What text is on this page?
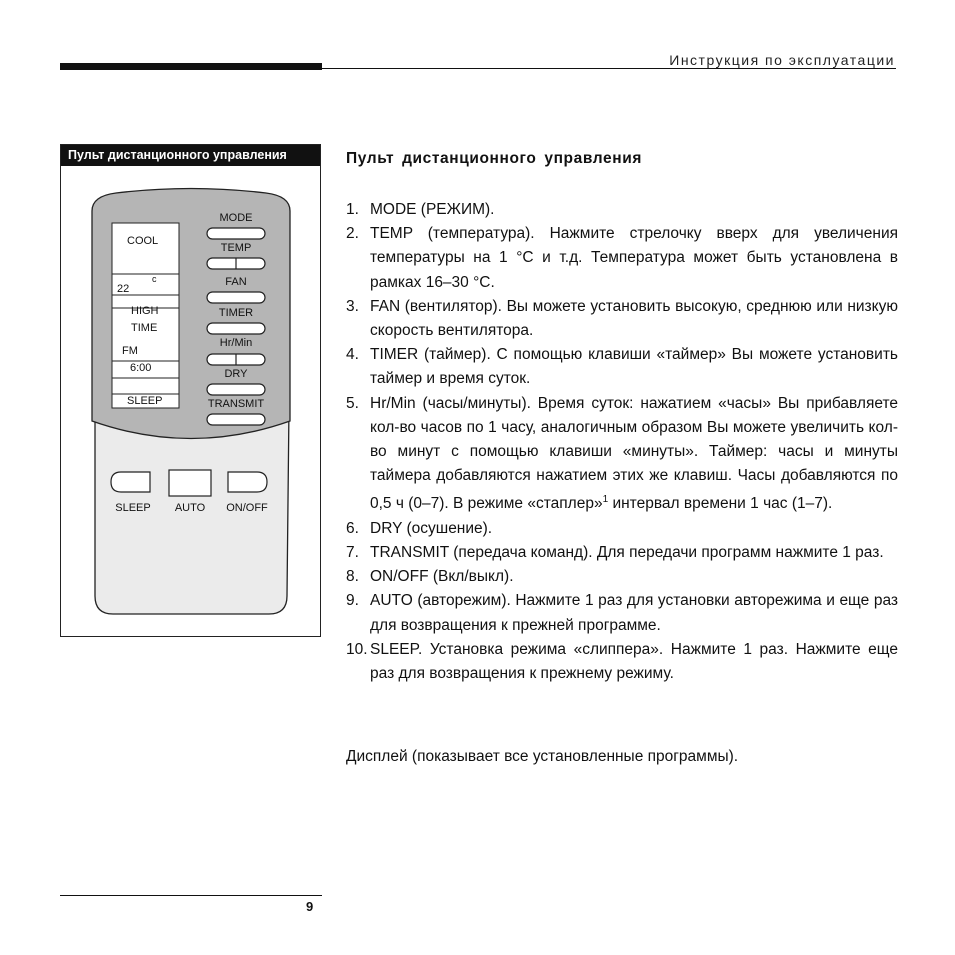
Инструкция по эксплуатации
Пульт дистанционного управления
COOL
22
c
HIGH
TIME
FM
6:00
SLEEP
MODE
TEMP
FAN
TIMER
Hr/Min
DRY
TRANSMIT
SLEEP AUTO ON/OFF
Пульт дистанционного управления
1. MODE (РЕЖИМ).
2. TEMP (температура). Нажмите стрелочку вверх для увеличения температуры на 1 °C и т.д. Температура может быть установлена в рамках 16–30 °C.
3. FAN (вентилятор). Вы можете установить высокую, среднюю или низкую скорость вентилятора.
4. TIMER (таймер). С помощью клавиши «таймер» Вы можете установить таймер и время суток.
5. Hr/Min (часы/минуты). Время суток: нажатием «часы» Вы прибавляете кол-во часов по 1 часу, аналогичным образом Вы можете увеличить кол-во минут с помощью клавиши «минуты». Таймер: часы и минуты таймера добавляются нажатием этих же клавиш. Часы добавляются по 0,5 ч (0–7). В режиме «стаплер»$^1$ интервал времени 1 час (1–7).
6. DRY (осушение).
7. TRANSMIT (передача команд). Для передачи программ нажмите 1 раз.
8. ON/OFF (Вкл/выкл).
9. AUTO (авторежим). Нажмите 1 раз для установки авторежима и еще раз для возвращения к прежней программе.
10. SLEEP. Установка режима «слиппера». Нажмите 1 раз. Нажмите еще раз для возвращения к прежнему режиму.
Дисплей (показывает все установленные программы).
9
